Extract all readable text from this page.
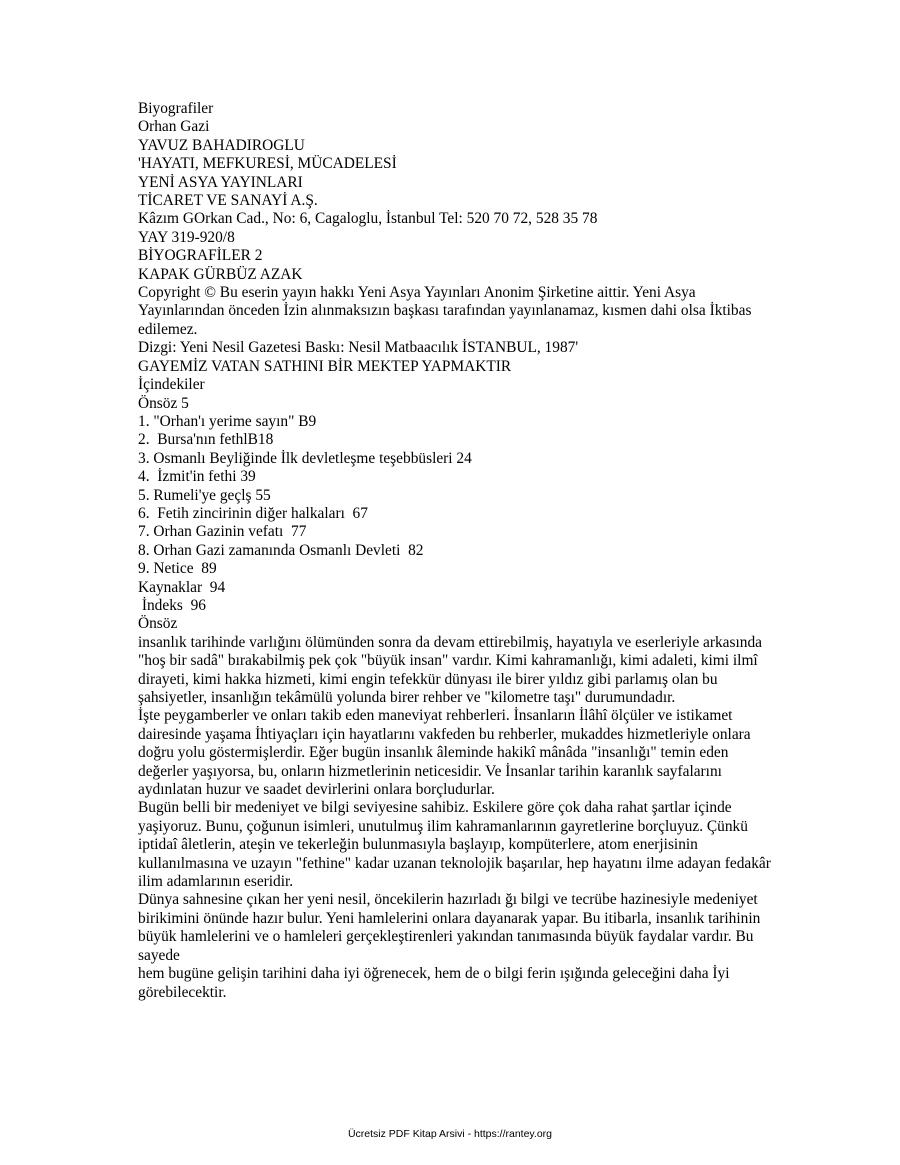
Biyografiler
Orhan Gazi
YAVUZ BAHADIROGLU
'HAYATI, MEFKURESİ, MÜCADELESİ
YENİ ASYA YAYINLARI
TİCARET VE SANAYİ A.Ş.
Kâzım GOrkan Cad., No: 6, Cagaloglu, İstanbul Tel: 520 70 72, 528 35 78
YAY 319-920/8
BİYOGRAFİLER 2
KAPAK GÜRBÜZ AZAK

Copyright © Bu eserin yayın hakkı Yeni Asya Yayınları Anonim Şirketine aittir. Yeni Asya Yayınlarından önceden İzin alınmaksızın başkası tarafından yayınlanamaz, kısmen dahi olsa İktibas edilemez.

Dizgi: Yeni Nesil Gazetesi Baskı: Nesil Matbaacılık İSTANBUL, 1987'
GAYEMİZ VATAN SATHINI BİR MEKTEP YAPMAKTIR
İçindekiler
Önsöz 5
1. "Orhan'ı yerime sayın" B9
2.  Bursa'nın fethlB18
3. Osmanlı Beyliğinde İlk devletleşme teşebbüsleri 24
4.  İzmit'in fethi 39
5. Rumeli'ye geçlş 55
6.  Fetih zincirinin diğer halkaları  67
7. Orhan Gazinin vefatı  77
8. Orhan Gazi zamanında Osmanlı Devleti  82
9. Netice  89
Kaynaklar  94
İndeks  96
Önsöz

insanlık tarihinde varlığını ölümünden sonra da devam ettirebilmiş, hayatıyla ve eserleriyle arkasında "hoş bir sadâ" bırakabilmiş pek çok "büyük insan" vardır. Kimi kahramanlığı, kimi adaleti, kimi ilmî dirayeti, kimi hakka hizmeti, kimi engin tefekkür dünyası ile birer yıldız gibi parlamış olan bu şahsiyetler, insanlığın tekâmülü yolunda birer rehber ve "kilometre taşı" durumundadır.

İşte peygamberler ve onları takib eden maneviyat rehberleri. İnsanların İlâhî ölçüler ve istikamet dairesinde yaşama İhtiyaçları için hayatlarını vakfeden bu rehberler, mukaddes hizmetleriyle onlara doğru yolu göstermişlerdir. Eğer bugün insanlık âleminde hakikî mânâda "insanlığı" temin eden değerler yaşıyorsa, bu, onların hizmetlerinin neticesidir. Ve İnsanlar tarihin karanlık sayfalarını aydınlatan huzur ve saadet devirlerini onlara borçludurlar.

Bugün belli bir medeniyet ve bilgi seviyesine sahibiz. Eskilere göre çok daha rahat şartlar içinde yaşiyoruz. Bunu, çoğunun isimleri, unutulmuş ilim kahramanlarının gayretlerine borçluyuz. Çünkü iptidaî âletlerin, ateşin ve tekerleğin bulunmasıyla başlayıp, kompüterlere, atom enerjisinin kullanılmasına ve uzayın "fethine" kadar uzanan teknolojik başarılar, hep hayatını ilme adayan fedakâr ilim adamlarının eseridir.

Dünya sahnesine çıkan her yeni nesil, öncekilerin hazırladı ğı bilgi ve tecrübe hazinesiyle medeniyet birikimini önünde hazır bulur. Yeni hamlelerini onlara dayanarak yapar. Bu itibarla, insanlık tarihinin büyük hamlelerini ve o hamleleri gerçekleştirenleri yakından tanımasında büyük faydalar vardır. Bu sayede

hem bugüne gelişin tarihini daha iyi öğrenecek, hem de o bilgi ferin ışığında geleceğini daha İyi görebilecektir.

Ücretsiz PDF Kitap Arsivi - https://rantey.org
